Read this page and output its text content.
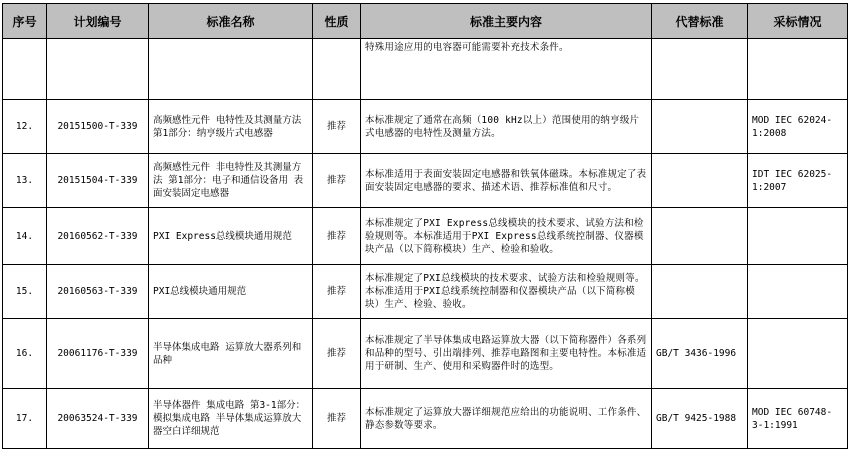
序号	计划编号	标准名称	性质	标准主要内容	代替标准	采标情况
				特殊用途应用的电容器可能需要补充技术条件。		
12.	20151500-T-339	高频感性元件 电特性及其测量方法 第1部分：纳亨级片式电感器	推荐	本标准规定了通常在高频（100 kHz以上）范围使用的纳亨级片式电感器的电特性及测量方法。		MOD IEC 62024-1:2008
13.	20151504-T-339	高频感性元件 非电特性及其测量方法 第1部分：电子和通信设备用 表面安装固定电感器	推荐	本标准适用于表面安装固定电感器和铁氧体磁珠。本标准规定了表面安装固定电感器的要求、描述术语、推荐标准值和尺寸。		IDT IEC 62025-1:2007
14.	20160562-T-339	PXI Express总线模块通用规范	推荐	本标准规定了PXI Express总线模块的技术要求、试验方法和检验规则等。本标准适用于PXI Express总线系统控制器、仪器模块产品（以下简称模块）生产、检验和验收。		
15.	20160563-T-339	PXI总线模块通用规范	推荐	本标准规定了PXI总线模块的技术要求、试验方法和检验规则等。本标准适用于PXI总线系统控制器和仪器模块产品（以下简称模块）生产、检验、验收。		
16.	20061176-T-339	半导体集成电路 运算放大器系列和品种	推荐	本标准规定了半导体集成电路运算放大器（以下简称器件）各系列和品种的型号、引出端排列、推荐电路图和主要电特性。本标准适用于研制、生产、使用和采购器件时的选型。	GB/T 3436-1996	
17.	20063524-T-339	半导体器件 集成电路 第3-1部分：模拟集成电路 半导体集成运算放大器空白详细规范	推荐	本标准规定了运算放大器详细规范应给出的功能说明、工作条件、静态参数等要求。	GB/T 9425-1988	MOD IEC 60748-3-1:1991
